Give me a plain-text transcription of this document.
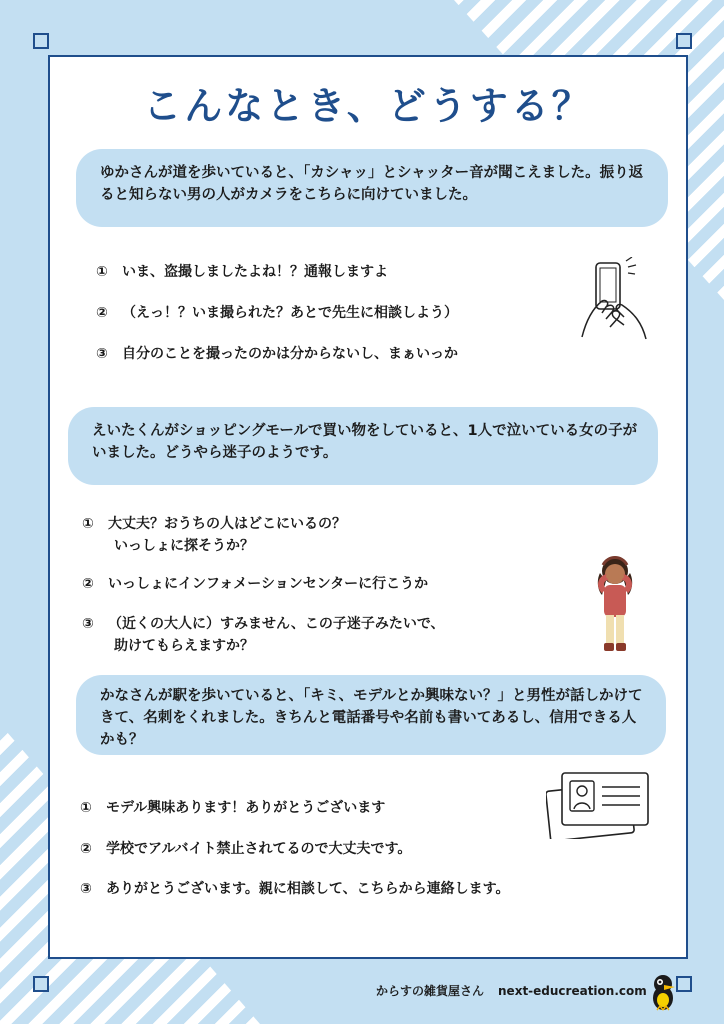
こんなとき、どうする？
ゆかさんが道を歩いていると、「カシャッ」とシャッター音が聞こえました。振り返ると知らない男の人がカメラをこちらに向けていました。
① いま、盗撮しましたよね！？通報しますよ
② （えっ！？いま撮られた？あとで先生に相談しよう）
③ 自分のことを撮ったのかは分からないし、まぁいっか
えいたくんがショッピングモールで買い物をしていると、1人で泣いている女の子がいました。どうやら迷子のようです。
① 大丈夫？おうちの人はどこにいるの？
いっしょに探そうか？
② いっしょにインフォメーションセンターに行こうか
③ （近くの大人に）すみません、この子迷子みたいで、
助けてもらえますか？
かなさんが駅を歩いていると、「キミ、モデルとか興味ない？」と男性が話しかけてきて、名刺をくれました。きちんと電話番号や名前も書いてあるし、信用できる人かも？
① モデル興味あります！ありがとうございます
② 学校でアルバイト禁止されてるので大丈夫です。
③ ありがとうございます。親に相談して、こちらから連絡します。
からすの雑貨屋さん next-educreation.com
